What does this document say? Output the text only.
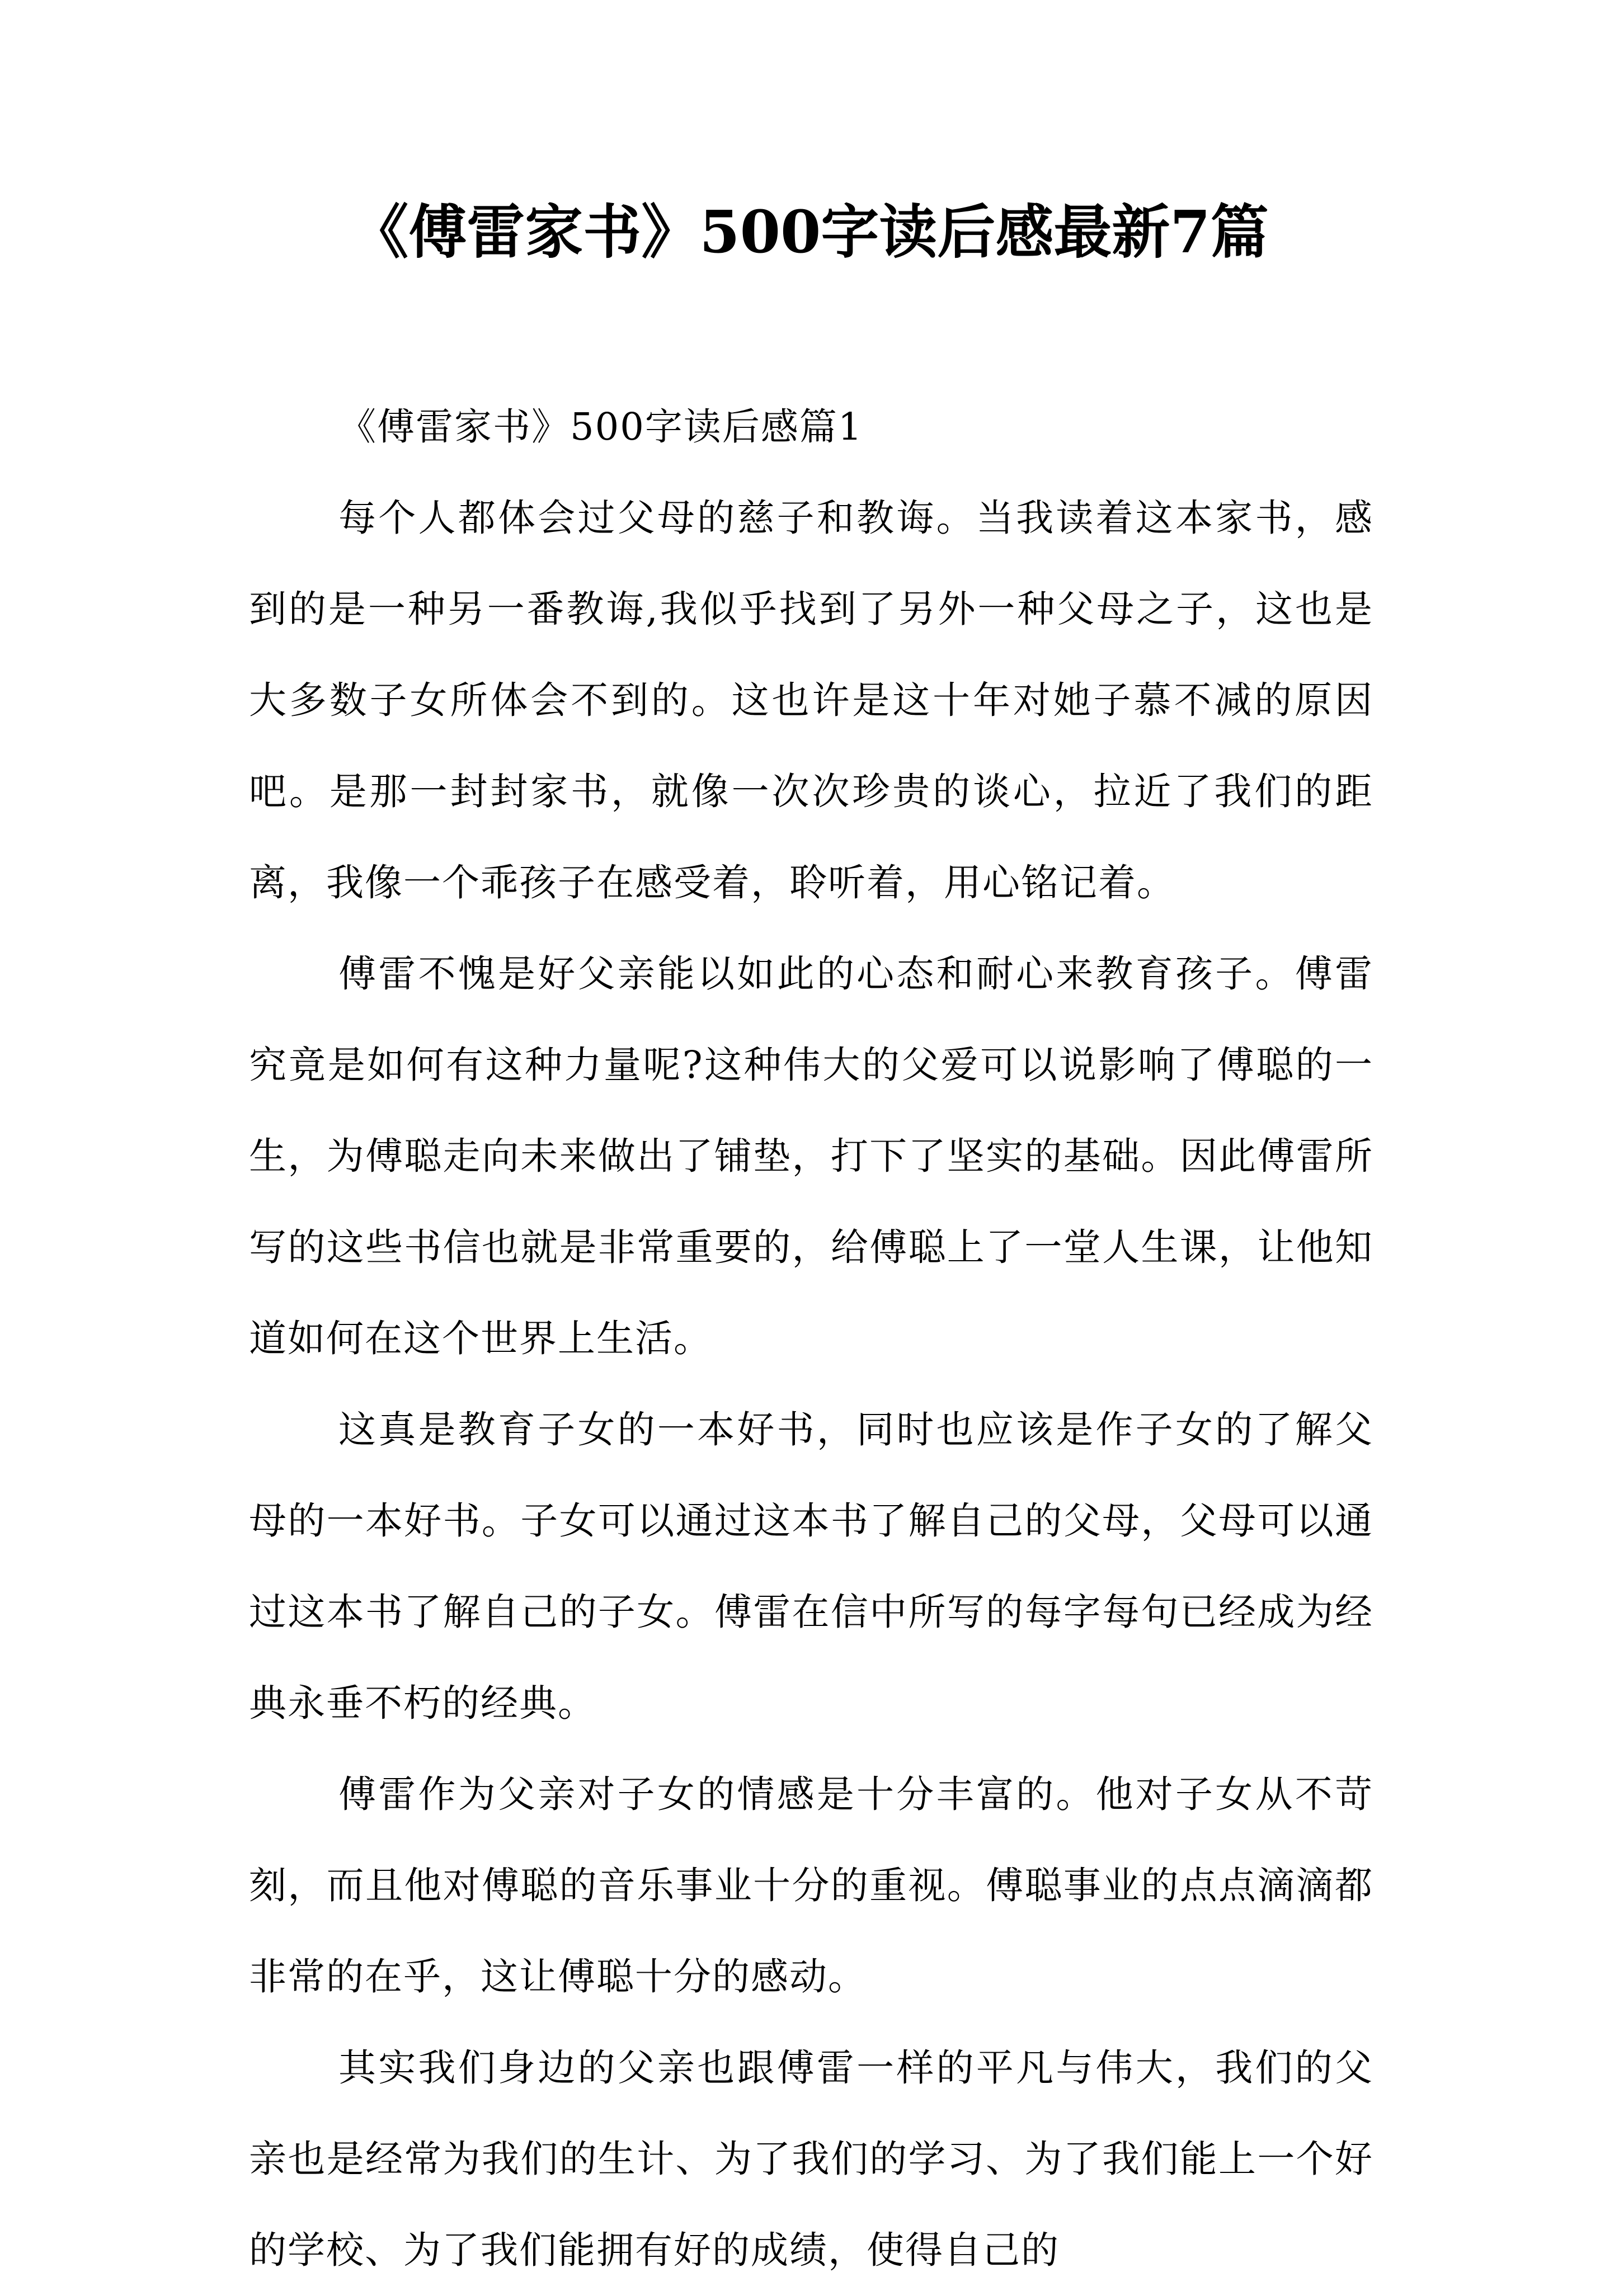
《傅雷家书》500字读后感最新7篇

《傅雷家书》500字读后感篇1

每个人都体会过父母的慈子和教诲。当我读着这本家书，感到的是一种另一番教诲,我似乎找到了另外一种父母之子，这也是大多数子女所体会不到的。这也许是这十年对她子慕不减的原因吧。是那一封封家书，就像一次次珍贵的谈心，拉近了我们的距离，我像一个乖孩子在感受着，聆听着，用心铭记着。

傅雷不愧是好父亲能以如此的心态和耐心来教育孩子。傅雷究竟是如何有这种力量呢?这种伟大的父爱可以说影响了傅聪的一生，为傅聪走向未来做出了铺垫，打下了坚实的基础。因此傅雷所写的这些书信也就是非常重要的，给傅聪上了一堂人生课，让他知道如何在这个世界上生活。

这真是教育子女的一本好书，同时也应该是作子女的了解父母的一本好书。子女可以通过这本书了解自己的父母，父母可以通过这本书了解自己的子女。傅雷在信中所写的每字每句已经成为经典永垂不朽的经典。

傅雷作为父亲对子女的情感是十分丰富的。他对子女从不苛刻，而且他对傅聪的音乐事业十分的重视。傅聪事业的点点滴滴都非常的在乎，这让傅聪十分的感动。

其实我们身边的父亲也跟傅雷一样的平凡与伟大，我们的父亲也是经常为我们的生计、为了我们的学习、为了我们能上一个好的学校、为了我们能拥有好的成绩，使得自己的
